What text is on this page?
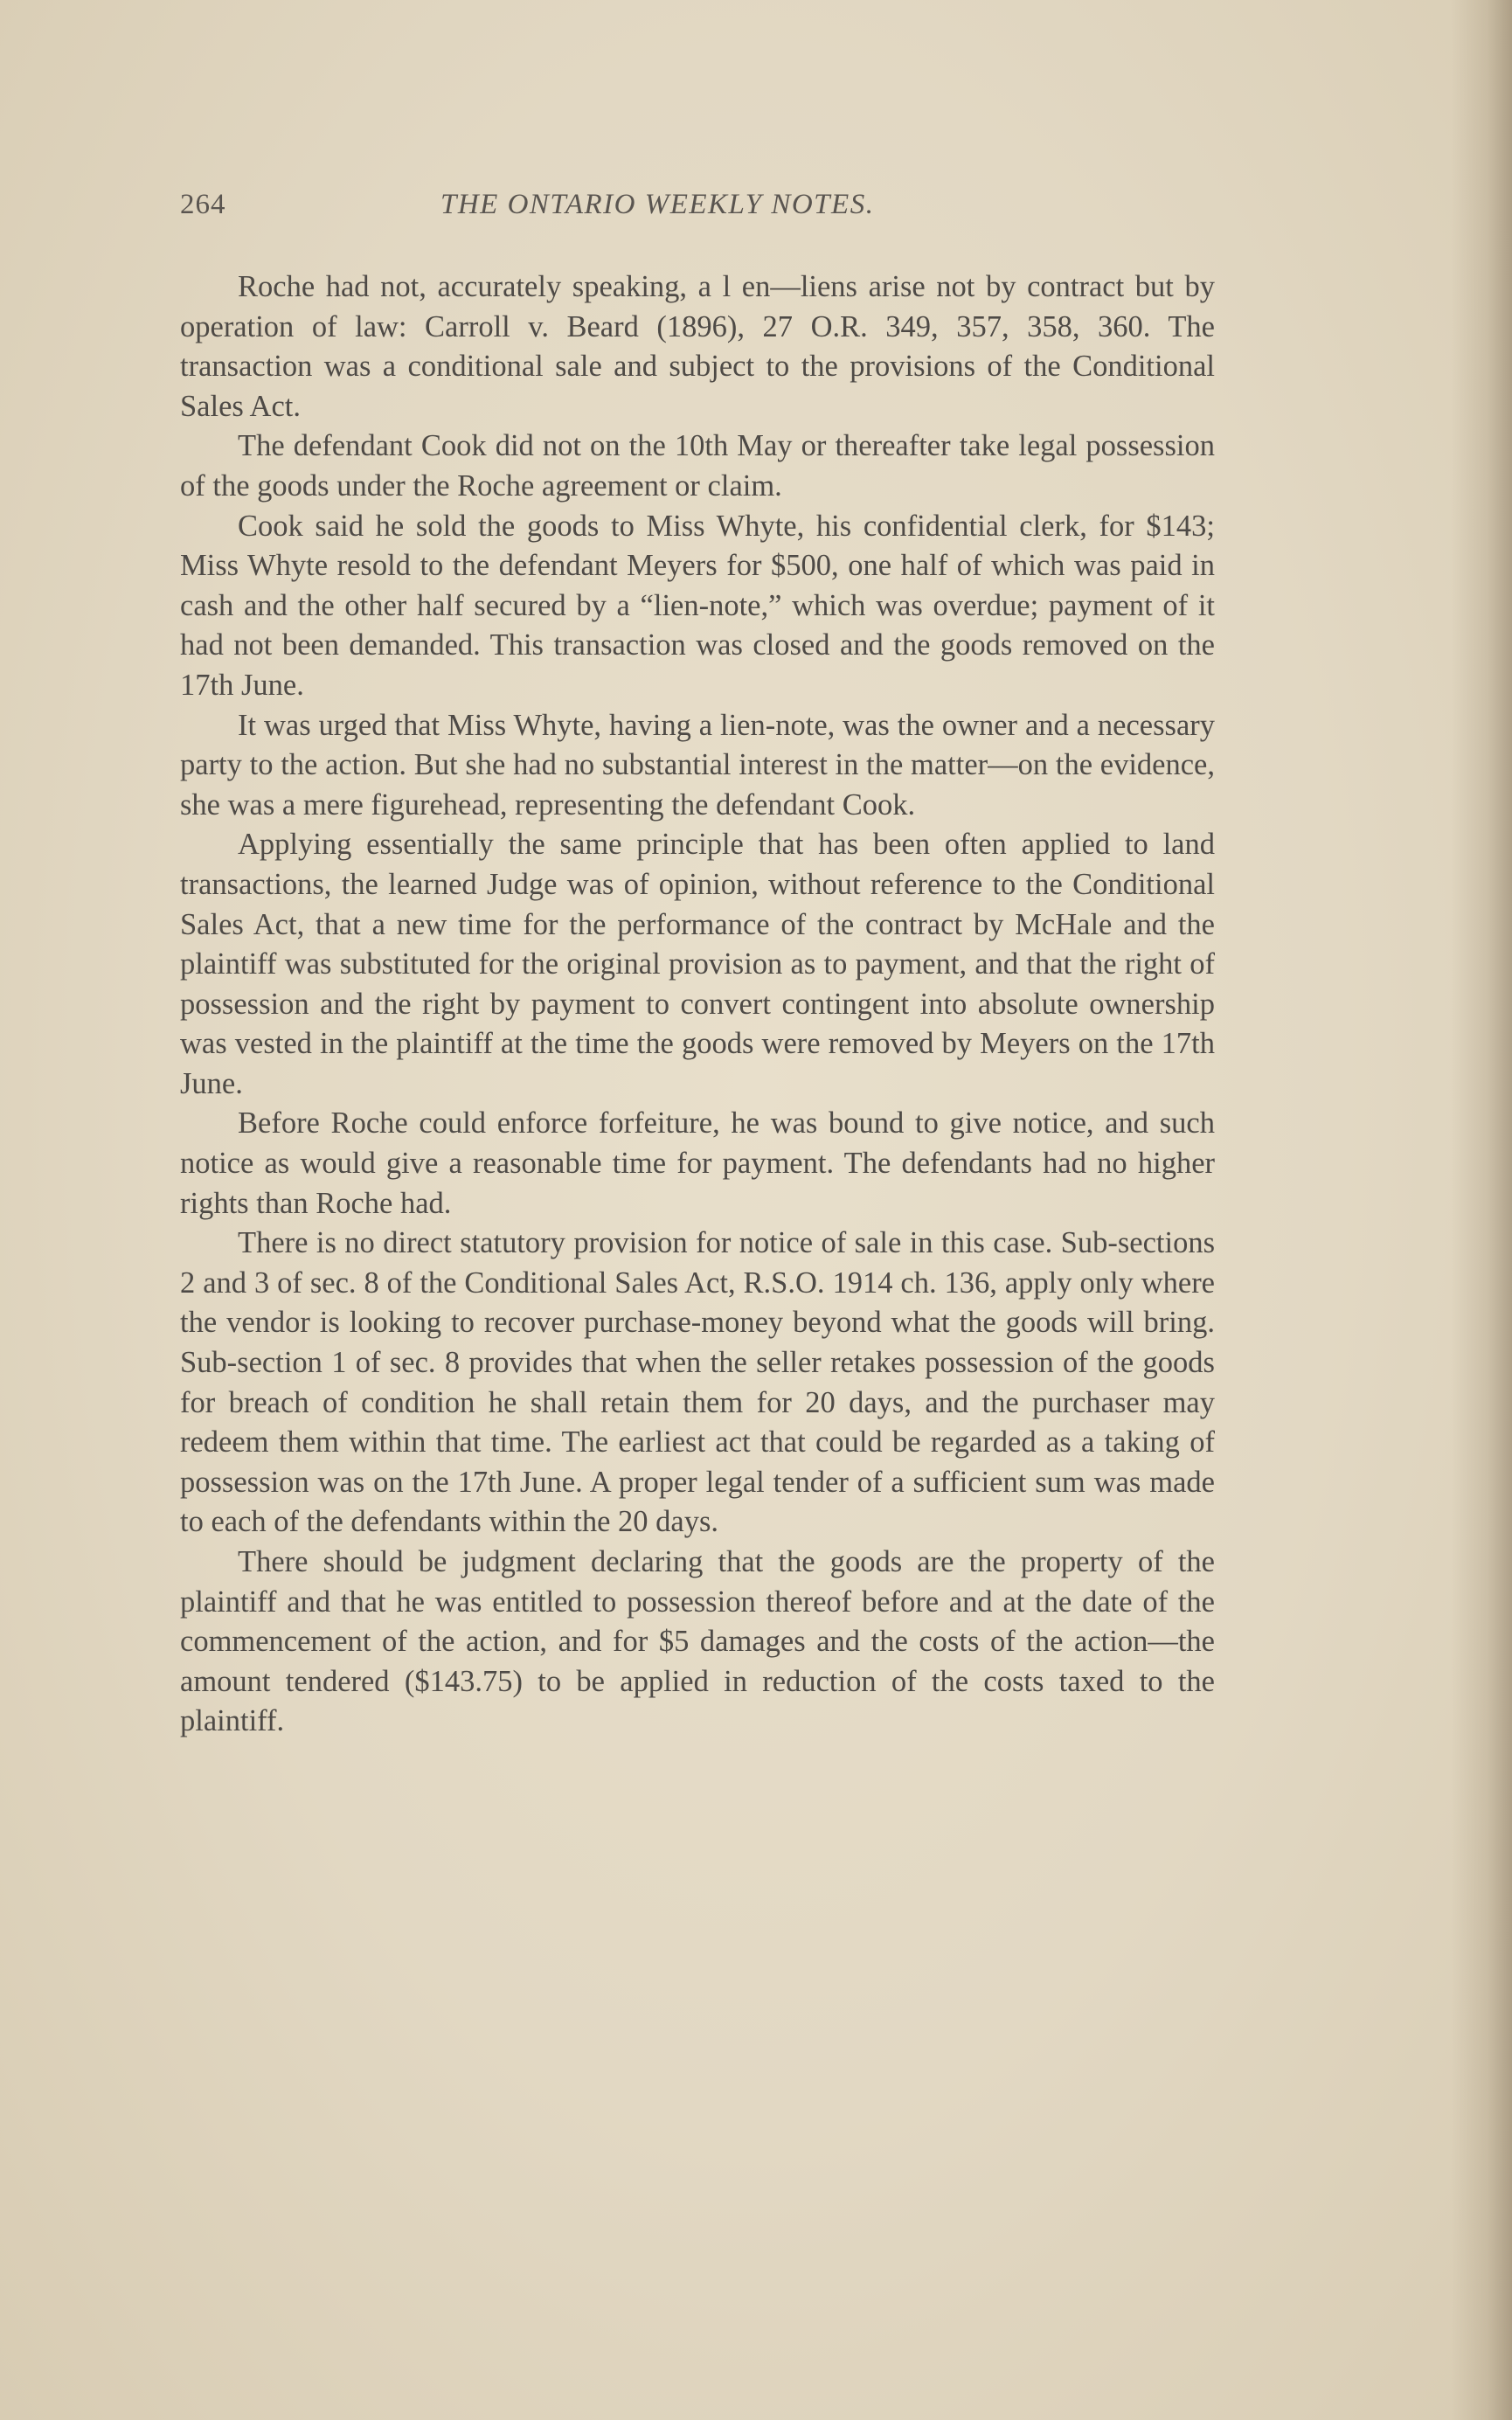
264	THE ONTARIO WEEKLY NOTES.

Roche had not, accurately speaking, a l en—liens arise not by contract but by operation of law: Carroll v. Beard (1896), 27 O.R. 349, 357, 358, 360. The transaction was a conditional sale and subject to the provisions of the Conditional Sales Act.

The defendant Cook did not on the 10th May or thereafter take legal possession of the goods under the Roche agreement or claim.

Cook said he sold the goods to Miss Whyte, his confidential clerk, for $143; Miss Whyte resold to the defendant Meyers for $500, one half of which was paid in cash and the other half secured by a “lien-note,” which was overdue; payment of it had not been demanded. This transaction was closed and the goods removed on the 17th June.

It was urged that Miss Whyte, having a lien-note, was the owner and a necessary party to the action. But she had no substantial interest in the matter—on the evidence, she was a mere figurehead, representing the defendant Cook.

Applying essentially the same principle that has been often applied to land transactions, the learned Judge was of opinion, without reference to the Conditional Sales Act, that a new time for the performance of the contract by McHale and the plaintiff was substituted for the original provision as to payment, and that the right of possession and the right by payment to convert contingent into absolute ownership was vested in the plaintiff at the time the goods were removed by Meyers on the 17th June.

Before Roche could enforce forfeiture, he was bound to give notice, and such notice as would give a reasonable time for payment. The defendants had no higher rights than Roche had.

There is no direct statutory provision for notice of sale in this case. Sub-sections 2 and 3 of sec. 8 of the Conditional Sales Act, R.S.O. 1914 ch. 136, apply only where the vendor is looking to recover purchase-money beyond what the goods will bring. Sub-section 1 of sec. 8 provides that when the seller retakes possession of the goods for breach of condition he shall retain them for 20 days, and the purchaser may redeem them within that time. The earliest act that could be regarded as a taking of possession was on the 17th June. A proper legal tender of a sufficient sum was made to each of the defendants within the 20 days.

There should be judgment declaring that the goods are the property of the plaintiff and that he was entitled to possession thereof before and at the date of the commencement of the action, and for $5 damages and the costs of the action—the amount tendered ($143.75) to be applied in reduction of the costs taxed to the plaintiff.
